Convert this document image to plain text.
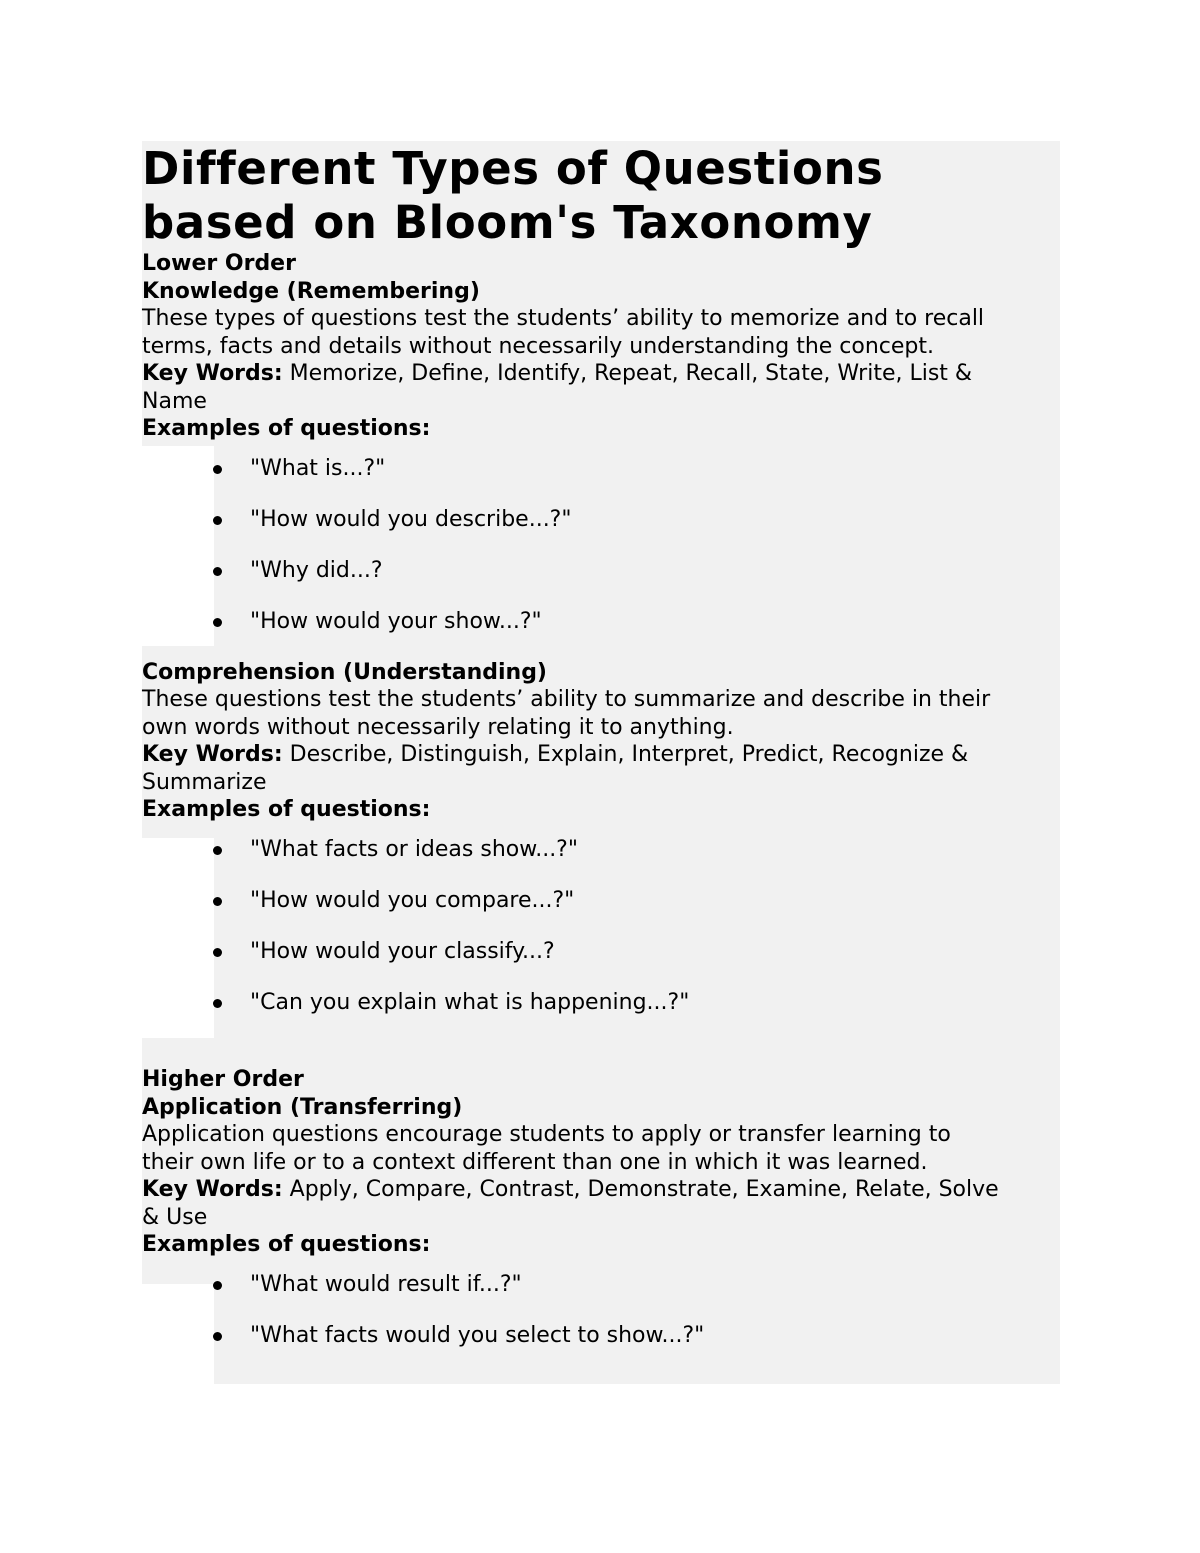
Different Types of Questions
based on Bloom's Taxonomy

Lower Order

Knowledge (Remembering)

These types of questions test the students’ ability to memorize and to recall

terms, facts and details without necessarily understanding the concept.

Key Words: Memorize, Define, Identify, Repeat, Recall, State, Write, List &

Name

Examples of questions:

"What is...?"
"How would you describe...?"
"Why did...?
"How would your show...?"

Comprehension (Understanding)

These questions test the students’ ability to summarize and describe in their

own words without necessarily relating it to anything.

Key Words: Describe, Distinguish, Explain, Interpret, Predict, Recognize &

Summarize

Examples of questions:

"What facts or ideas show...?"
"How would you compare...?"
"How would your classify...?
"Can you explain what is happening...?"

Higher Order

Application (Transferring)

Application questions encourage students to apply or transfer learning to

their own life or to a context different than one in which it was learned.

Key Words: Apply, Compare, Contrast, Demonstrate, Examine, Relate, Solve

& Use

Examples of questions:

"What would result if...?"
"What facts would you select to show...?"
